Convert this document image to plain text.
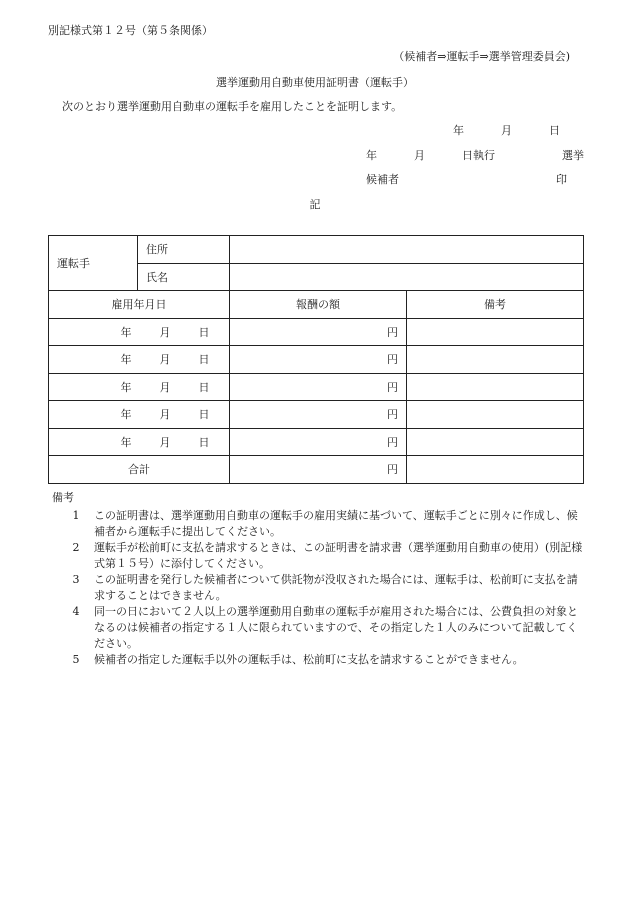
別記様式第１２号（第５条関係）
（候補者⇒運転手⇒選挙管理委員会)
選挙運動用自動車使用証明書（運転手）
次のとおり選挙運動用自動車の運転手を雇用したことを証明します。
年	月	日
年	月	日執行	選挙
候補者	印
記
運転手	住所		
	氏名		
雇用年月日		報酬の額	備考
年 月 日		円	
年 月 日		円	
年 月 日		円	
年 月 日		円	
年 月 日		円	
合計		円	
備考
1	この証明書は、選挙運動用自動車の運転手の雇用実績に基づいて、運転手ごとに別々に作成し、候補者から運転手に提出してください。
2	運転手が松前町に支払を請求するときは、この証明書を請求書（選挙運動用自動車の使用）(別記様式第１５号）に添付してください。
3	この証明書を発行した候補者について供託物が没収された場合には、運転手は、松前町に支払を請求することはできません。
4	同一の日において２人以上の選挙運動用自動車の運転手が雇用された場合には、公費負担の対象となるのは候補者の指定する１人に限られていますので、その指定した１人のみについて記載してください。
5	候補者の指定した運転手以外の運転手は、松前町に支払を請求することができません。
